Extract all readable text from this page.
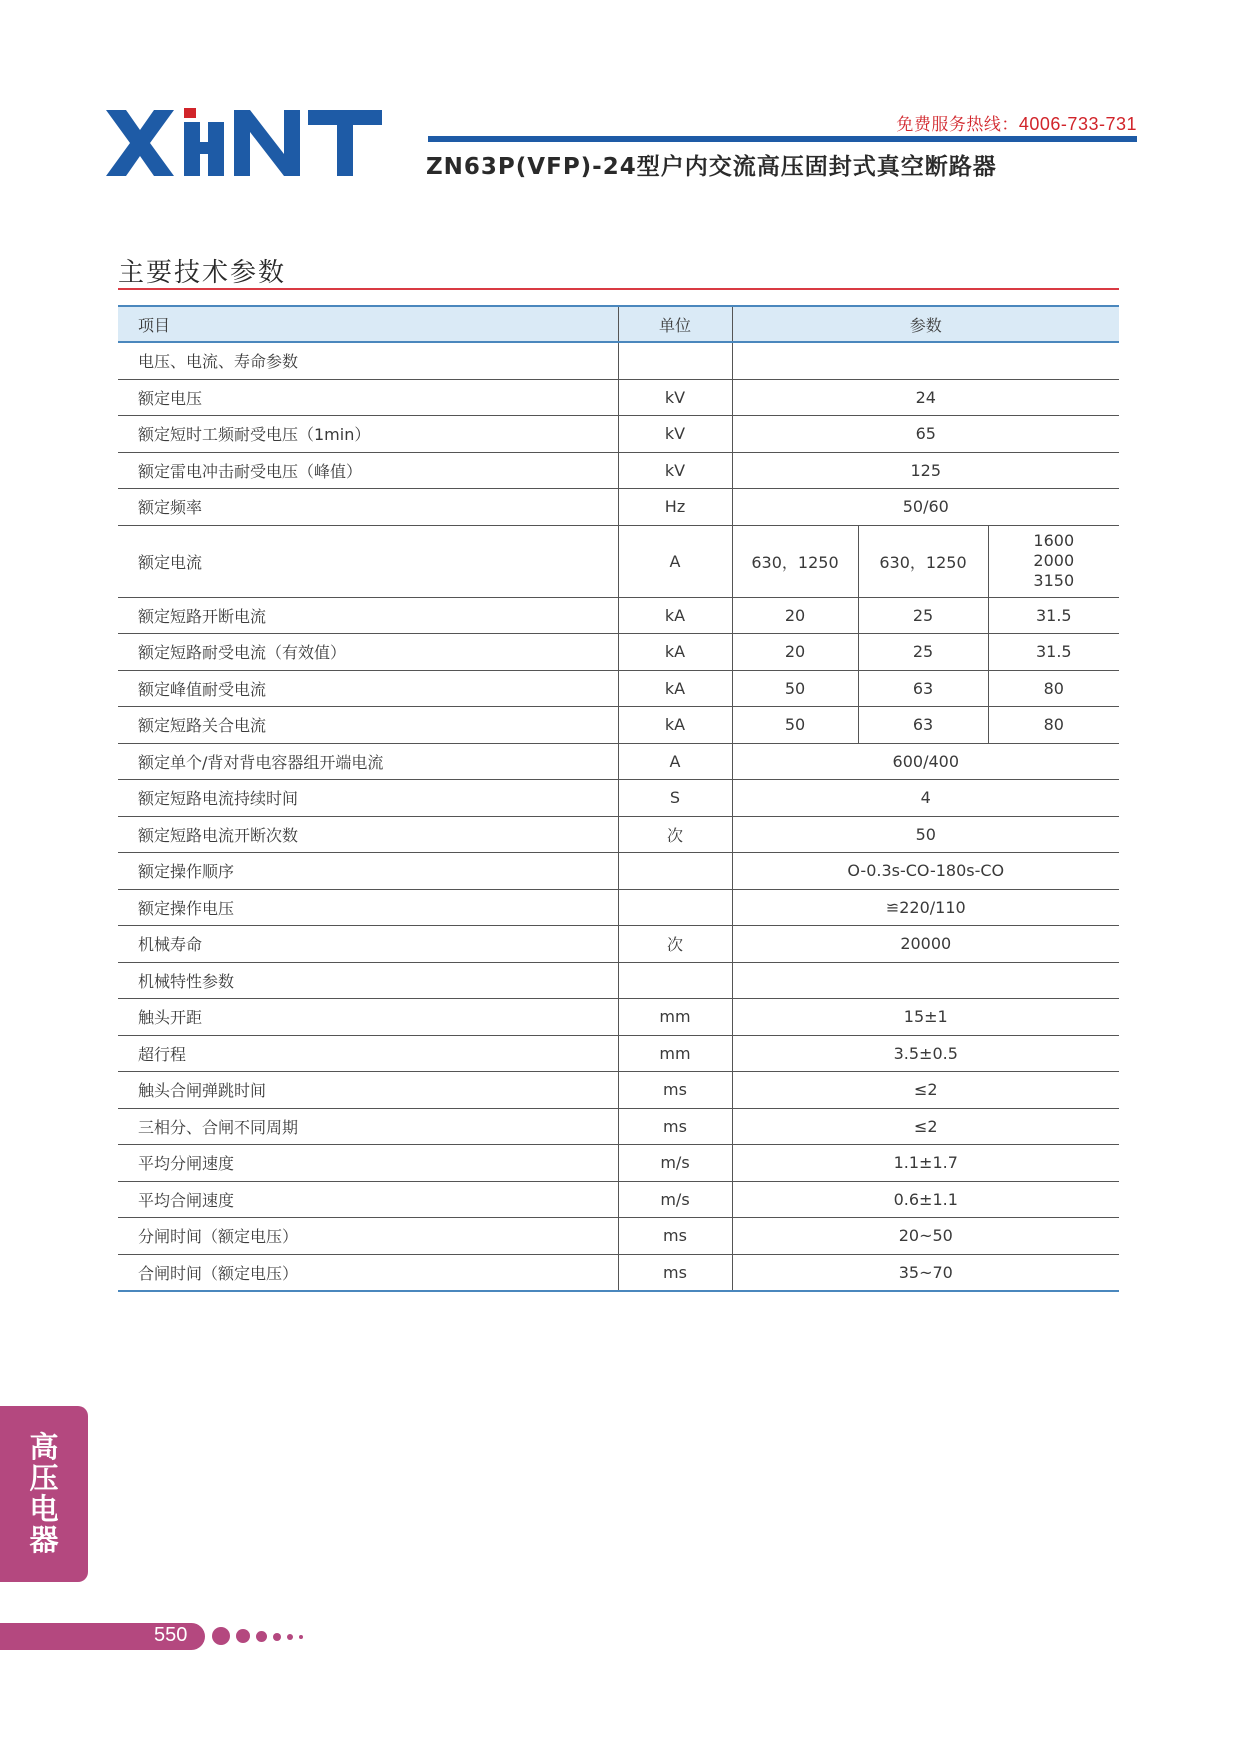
免费服务热线：4006-733-731
ZN63P(VFP)-24型户内交流高压固封式真空断路器
主要技术参数
项目	单位	参数		
电压、电流、寿命参数				
额定电压	kV	24		
额定短时工频耐受电压（1min）	kV	65		
额定雷电冲击耐受电压（峰值）	kV	125		
额定频率	Hz	50/60		
额定电流	A	630，1250	630，1250	1600
2000
3150
额定短路开断电流	kA	20	25	31.5
额定短路耐受电流（有效值）	kA	20	25	31.5
额定峰值耐受电流	kA	50	63	80
额定短路关合电流	kA	50	63	80
额定单个/背对背电容器组开端电流	A	600/400		
额定短路电流持续时间	S	4		
额定短路电流开断次数	次	50		
额定操作顺序		O-0.3s-CO-180s-CO		
额定操作电压		≌220/110		
机械寿命	次	20000		
机械特性参数				
触头开距	mm	15±1		
超行程	mm	3.5±0.5		
触头合闸弹跳时间	ms	≤2		
三相分、合闸不同周期	ms	≤2		
平均分闸速度	m/s	1.1±1.7		
平均合闸速度	m/s	0.6±1.1		
分闸时间（额定电压）	ms	20~50		
合闸时间（额定电压）	ms	35~70		
高
压
电
器
550
